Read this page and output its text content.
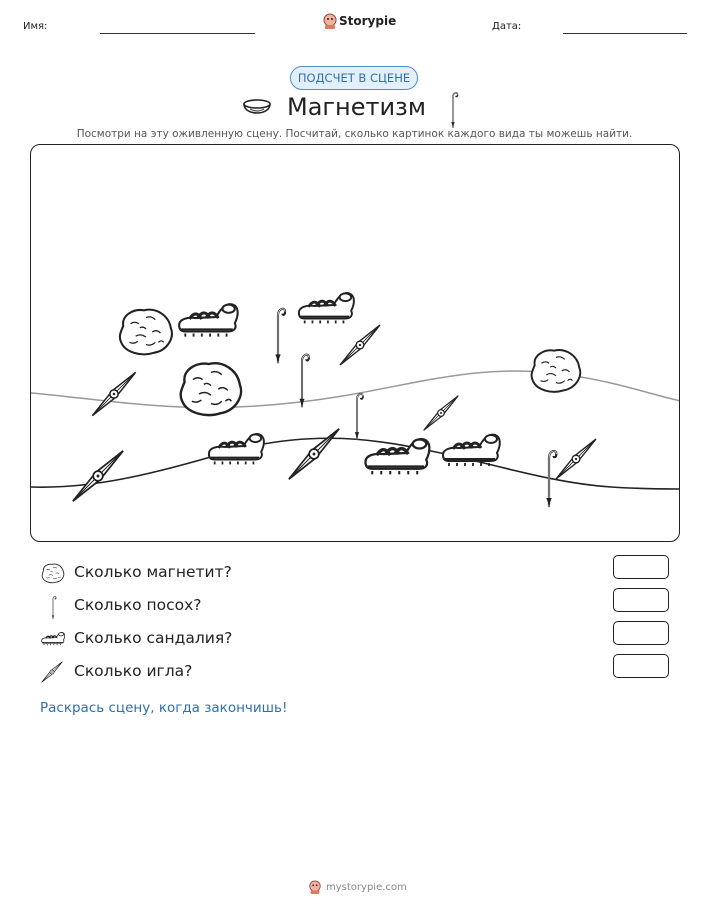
Имя:	Storypie	Дата:
ПОДСЧЕТ В СЦЕНЕ
Магнетизм
Посмотри на эту оживленную сцену. Посчитай, сколько картинок каждого вида ты можешь найти.
Сколько магнетит?
Сколько посох?
Сколько сандалия?
Сколько игла?
Раскрась сцену, когда закончишь!
mystorypie.com
